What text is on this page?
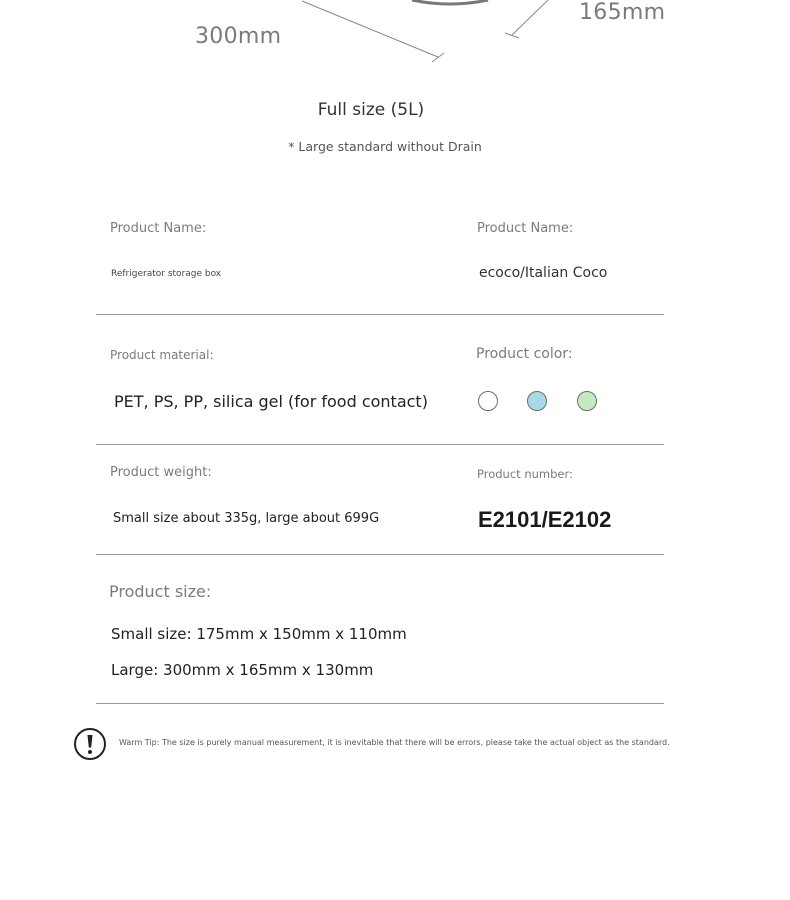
300mm
165mm
Full size (5L)
* Large standard without Drain
Product Name:
Refrigerator storage box
Product Name:
ecoco/Italian Coco
Product material:
PET, PS, PP, silica gel (for food contact)
Product color:
Product weight:
Small size about 335g, large about 699G
Product number:
E2101/E2102
Product size:
Small size: 175mm x 150mm x 110mm
Large: 300mm x 165mm x 130mm
Warm Tip: The size is purely manual measurement, it is inevitable that there will be errors, please take the actual object as the standard.
